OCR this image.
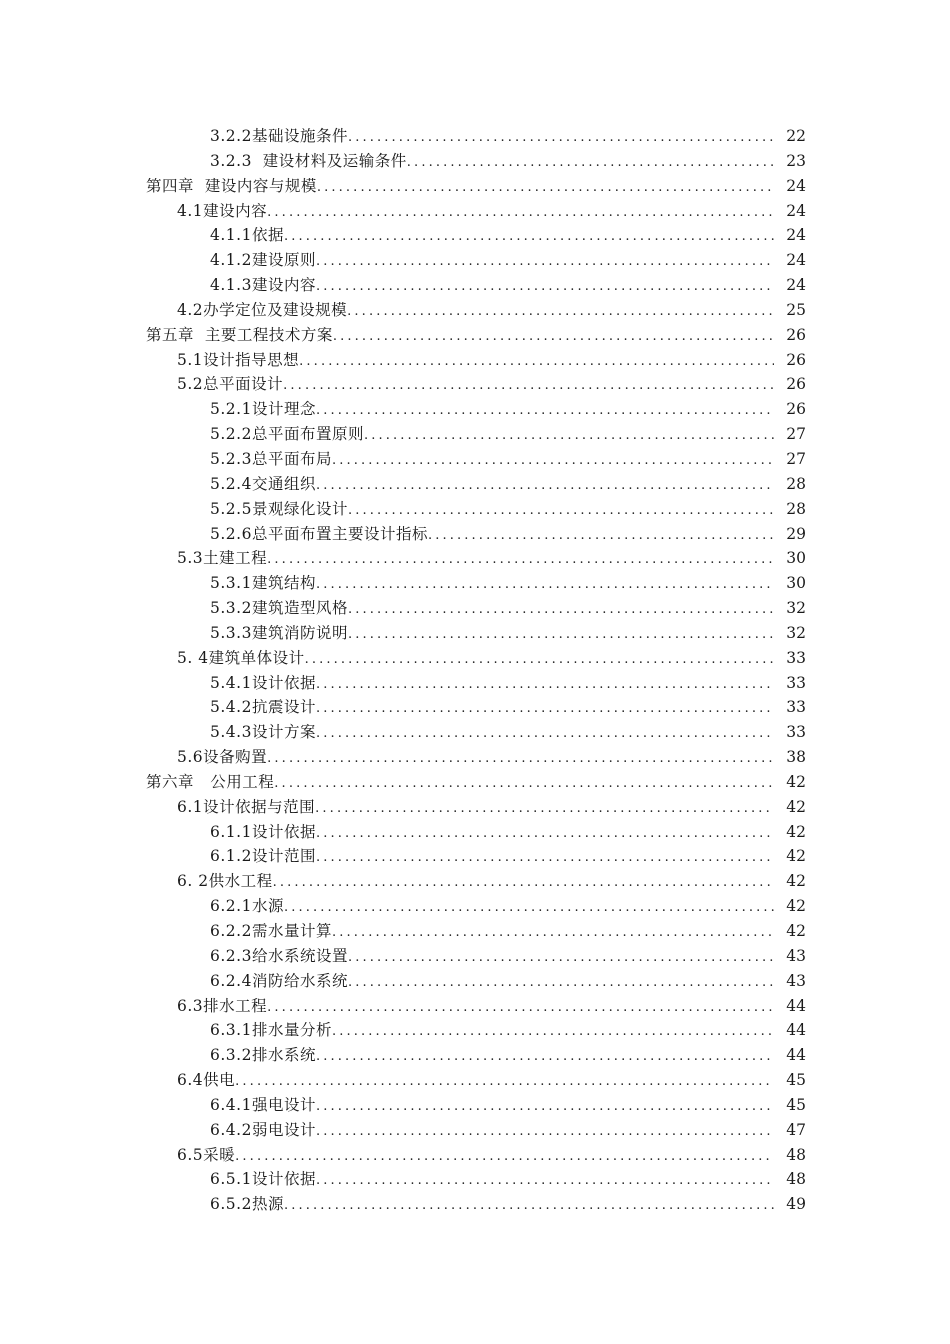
3.2.2基础设施条件 . . .	22
3.2.3  建设材料及运输条件 . . .	23
第四章  建设内容与规模 . . .	24
4.1建设内容 . . .	24
4.1.1依据 . . .	24
4.1.2建设原则 . . .	24
4.1.3建设内容 . . .	24
4.2办学定位及建设规模 . . .	25
第五章  主要工程技术方案 . . .	26
5.1设计指导思想 . . .	26
5.2总平面设计 . . .	26
5.2.1设计理念 . . .	26
5.2.2总平面布置原则 . . .	27
5.2.3总平面布局 . . .	27
5.2.4交通组织 . . .	28
5.2.5景观绿化设计 . . .	28
5.2.6总平面布置主要设计指标 . . .	29
5.3土建工程 . . .	30
5.3.1建筑结构 . . .	30
5.3.2建筑造型风格 . . .	32
5.3.3建筑消防说明 . . .	32
5. 4建筑单体设计 . . .	33
5.4.1设计依据 . . .	33
5.4.2抗震设计 . . .	33
5.4.3设计方案 . . .	33
5.6设备购置 . . .	38
第六章   公用工程 . . .	42
6.1设计依据与范围 . . .	42
6.1.1设计依据 . . .	42
6.1.2设计范围 . . .	42
6. 2供水工程 . . .	42
6.2.1水源 . . .	42
6.2.2需水量计算 . . .	42
6.2.3给水系统设置 . . .	43
6.2.4消防给水系统 . . .	43
6.3排水工程 . . .	44
6.3.1排水量分析 . . .	44
6.3.2排水系统 . . .	44
6.4供电 . . .	45
6.4.1强电设计 . . .	45
6.4.2弱电设计 . . .	47
6.5采暖 . . .	48
6.5.1设计依据 . . .	48
6.5.2热源 . . .	49
